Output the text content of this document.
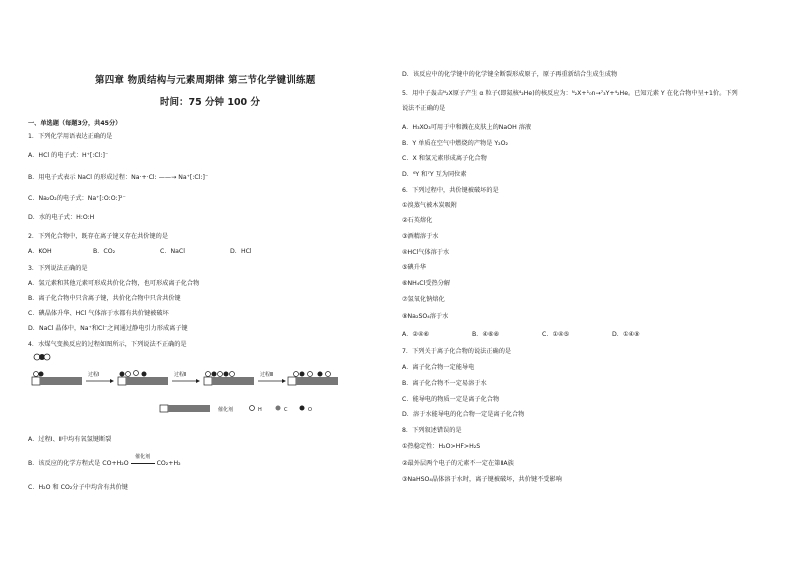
第四章 物质结构与元素周期律 第三节化学键训练题
时间：75 分钟 100 分
一、单选题（每题3分，共45分）
1．下列化学用语表达正确的是
A．HCl 的电子式：H⁺[:Cl:]⁻
B．用电子式表示 NaCl 的形成过程：Na·+·Cl: ——→ Na⁺[:Cl:]⁻
C．Na₂O₂的电子式：Na⁺[:O:O:]²⁻
D．水的电子式：H:O:H
2．下列化合物中，既存在离子键又存在共价键的是
A．KOH	B．CO₂	C．NaCl	D．HCl
3．下列说法正确的是
A．氢元素和其他元素可形成共价化合物，也可形成离子化合物
B．离子化合物中只含离子键，共价化合物中只含共价键
C．碘晶体升华、HCl 气体溶于水都有共价键被破坏
D．NaCl 晶体中，Na⁺和Cl⁻之间通过静电引力形成离子键
4．水煤气变换反应的过程如图所示，下列说法不正确的是
过程Ⅰ	过程Ⅱ	过程Ⅲ
催化剂	H	C	O
A．过程Ⅰ、Ⅱ中均有氧氢键断裂
B．该反应的化学方程式是 CO+H₂O
催化剂
CO₂+H₂
C．H₂O 和 CO₂分子中均含有共价键
D．该反应中的化学键中的化学键全断裂形成原子，原子再重新结合生成生成物
5．用中子轰击ᴺ₂X原子产生 α 粒子(即氦核⁴₂He)的核反应为：ᴺ₂X+¹₀n→⁷₃Y+⁴₂He。已知元素 Y 在化合物中呈+1价。下列
说法不正确的是
A．H₃XO₃可用于中和溅在皮肤上的NaOH 溶液
B．Y 单质在空气中燃烧的产物是 Y₂O₂
C．X 和氢元素形成离子化合物
D．⁶Y 和⁷Y 互为同位素
6．下列过程中，共价键被破坏的是
①溴蒸气被木炭吸附
②石英熔化
③酒精溶于水
④HCl气体溶于水
⑤碘升华
⑥NH₄Cl受热分解
⑦氢氧化钠熔化
⑧Na₂SO₄溶于水
A．②④⑥	B．④⑥⑧	C．①④⑤	D．①④⑧
7．下列关于离子化合物的说法正确的是
A．离子化合物一定能导电
B．离子化合物不一定易溶于水
C．能导电的物质一定是离子化合物
D．溶于水能导电的化合物一定是离子化合物
8．下列叙述错误的是
①热稳定性：H₂O>HF>H₂S
②最外层两个电子的元素不一定在第ⅡA族
③NaHSO₄晶体溶于水时，离子键被破坏，共价键不受影响
